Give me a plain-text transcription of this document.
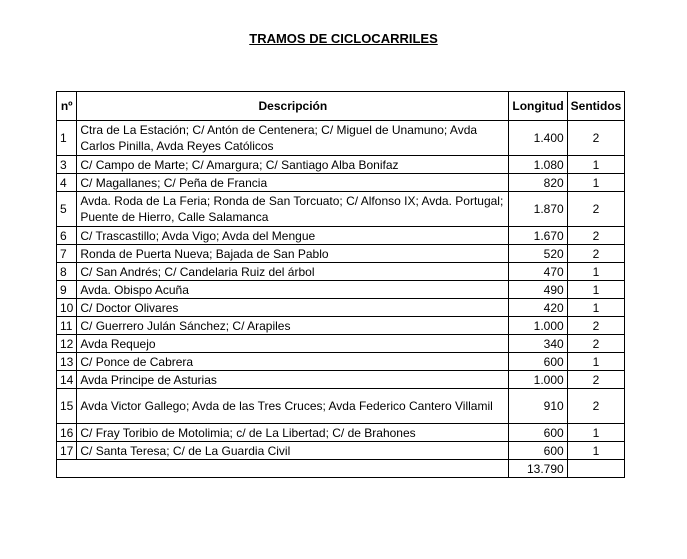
TRAMOS DE CICLOCARRILES
nº	Descripción	Longitud	Sentidos
1	Ctra de La Estación; C/ Antón de Centenera; C/ Miguel de Unamuno; Avda Carlos Pinilla, Avda Reyes Católicos	1.400	2
3	C/ Campo de Marte; C/ Amargura; C/ Santiago Alba Bonifaz	1.080	1
4	C/ Magallanes; C/ Peña de Francia	820	1
5	Avda. Roda de La Feria; Ronda de San Torcuato; C/ Alfonso IX; Avda. Portugal; Puente de Hierro, Calle Salamanca	1.870	2
6	C/ Trascastillo; Avda Vigo; Avda del Mengue	1.670	2
7	Ronda de Puerta Nueva; Bajada de San Pablo	520	2
8	C/ San Andrés; C/ Candelaria Ruiz del árbol	470	1
9	Avda. Obispo Acuña	490	1
10	C/ Doctor Olivares	420	1
11	C/ Guerrero Julán Sánchez; C/ Arapiles	1.000	2
12	Avda Requejo	340	2
13	C/ Ponce de Cabrera	600	1
14	Avda Principe de Asturias	1.000	2
15	Avda Victor Gallego; Avda de las Tres Cruces; Avda Federico Cantero Villamil	910	2
16	C/ Fray Toribio de Motolimia; c/ de La Libertad; C/ de Brahones	600	1
17	C/ Santa Teresa; C/ de La Guardia Civil	600	1
		13.790	
